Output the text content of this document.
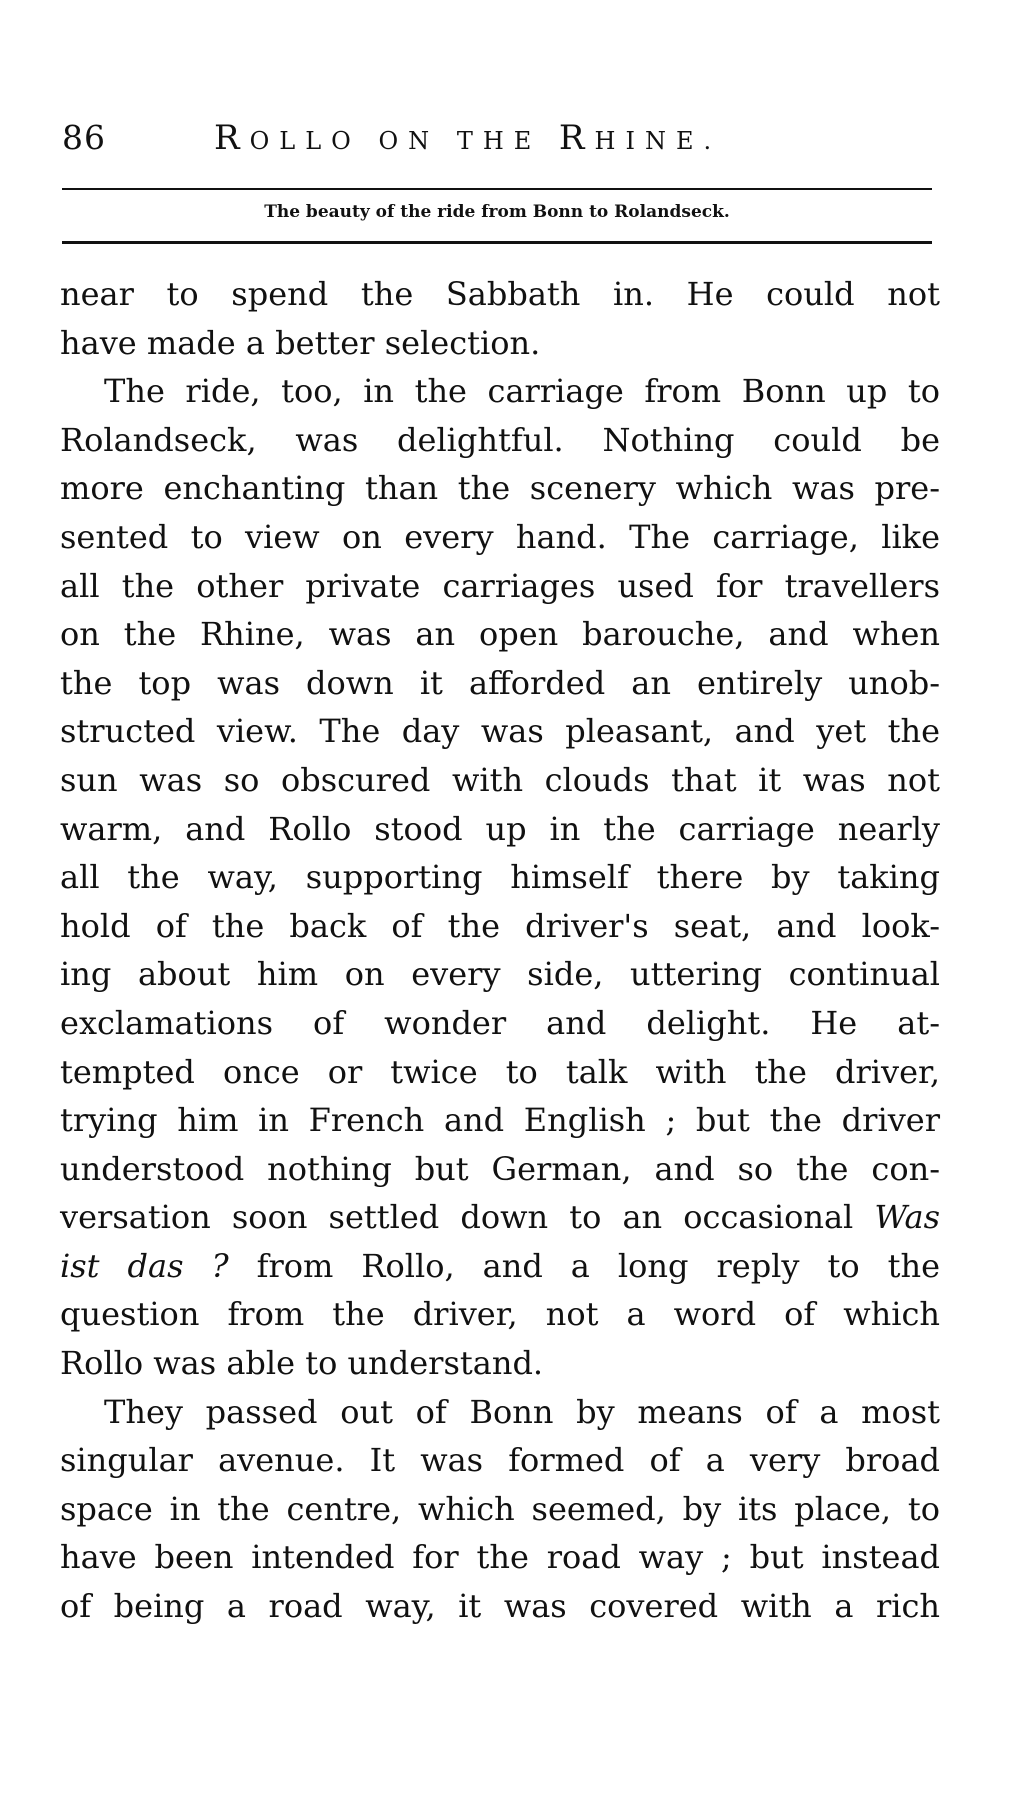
86	ROLLO ON THE RHINE.
The beauty of the ride from Bonn to Rolandseck.
near to spend the Sabbath in. He could not
have made a better selection.
The ride, too, in the carriage from Bonn up to
Rolandseck, was delightful. Nothing could be
more enchanting than the scenery which was pre-
sented to view on every hand. The carriage, like
all the other private carriages used for travellers
on the Rhine, was an open barouche, and when
the top was down it afforded an entirely unob-
structed view. The day was pleasant, and yet the
sun was so obscured with clouds that it was not
warm, and Rollo stood up in the carriage nearly
all the way, supporting himself there by taking
hold of the back of the driver's seat, and look-
ing about him on every side, uttering continual
exclamations of wonder and delight. He at-
tempted once or twice to talk with the driver,
trying him in French and English ; but the driver
understood nothing but German, and so the con-
versation soon settled down to an occasional Was
ist das ? from Rollo, and a long reply to the
question from the driver, not a word of which
Rollo was able to understand.
They passed out of Bonn by means of a most
singular avenue. It was formed of a very broad
space in the centre, which seemed, by its place, to
have been intended for the road way ; but instead
of being a road way, it was covered with a rich
